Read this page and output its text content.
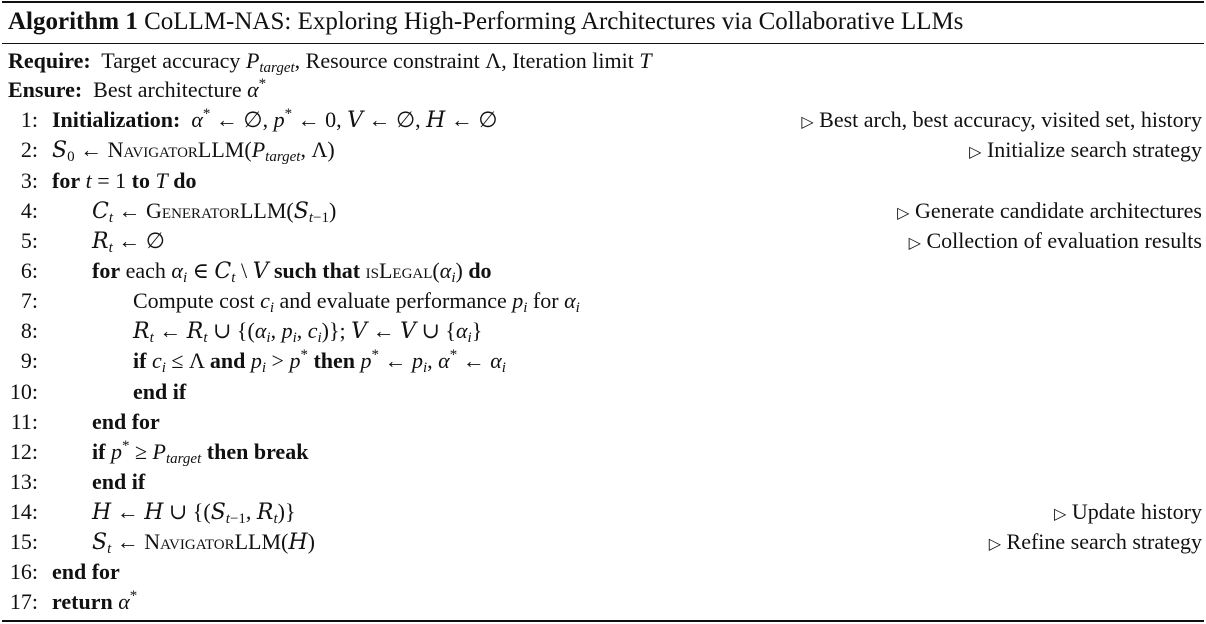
Algorithm 1 CoLLM-NAS: Exploring High-Performing Architectures via Collaborative LLMs
Require:  Target accuracy $P_{target}$, Resource constraint Λ, Iteration limit T
Ensure:  Best architecture α*
1: Initialization: α* ← ∅, p* ← 0, V ← ∅, H ← ∅	▷ Best arch, best accuracy, visited set, history
2: $S_0$ ← $NavigatorLLM(P_{target}$, Λ)	▷ Initialize search strategy
3: for t = 1 to T do
4: $C_t$ ← $GeneratorLLM(S_{t-1})$	▷ Generate candidate architectures
5: $R_t$ ← ∅	▷ Collection of evaluation results
6: for each $\alpha_i$ ∈ $C_t$ \ V such that $isLegal(\alpha_i)$ do
7:	Compute cost $c_i$ and evaluate performance $p_i$ for $\alpha_i$
8:	$R_t$ ← $R_t$ ∪ {($\alpha_i$, $p_i$, $c_i$)}; V ← V ∪ $\{\alpha_i\}$
9:	if $c_i \le \Lambda$ and $p_i > p^*$ then p* ← $p_i$, α* ← $\alpha_i$
10:	end if
11: end for
12: if $p^* \ge P_{target}$ then break
13: end if
14: H ← H ∪ {($S_{t-1}$, $R_t$)}	▷ Update history
15: $S_t$ ← NavigatorLLM(H)	▷ Refine search strategy
16: end for
17: return α*
